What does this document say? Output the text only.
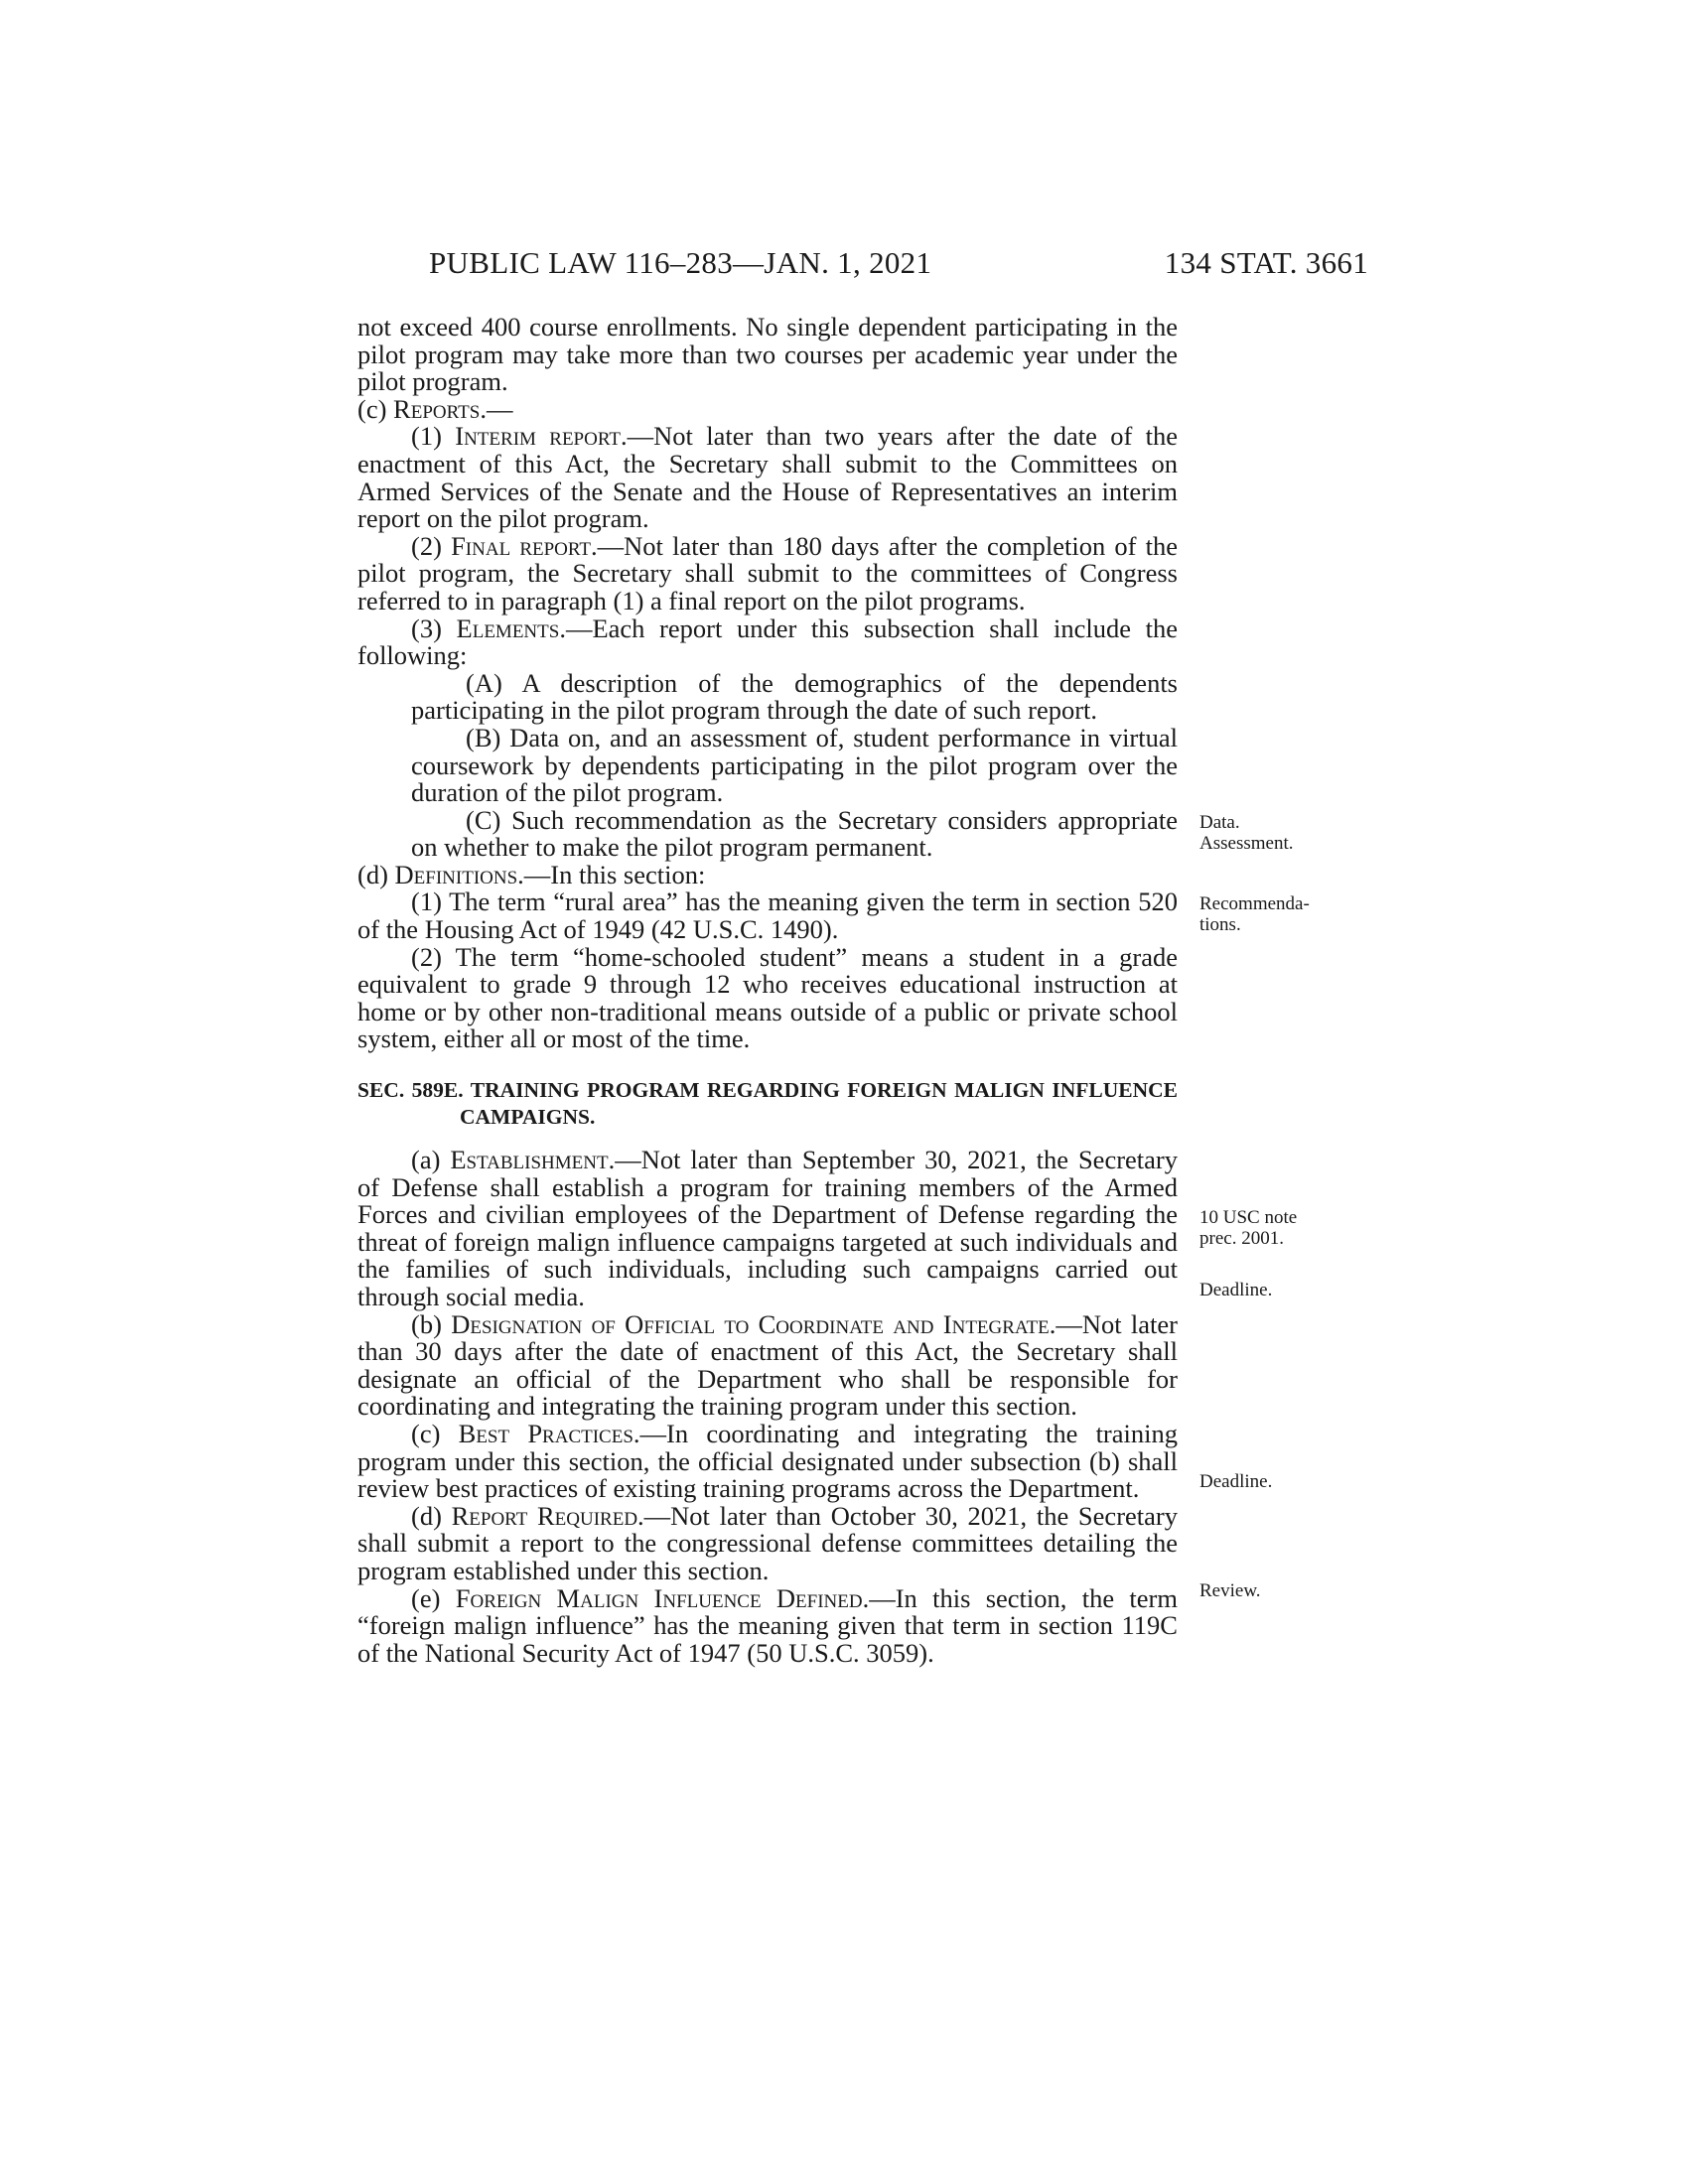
PUBLIC LAW 116–283—JAN. 1, 2021	134 STAT. 3661

not exceed 400 course enrollments. No single dependent participating in the pilot program may take more than two courses per academic year under the pilot program.

(c) Reports.—

(1) Interim report.—Not later than two years after the date of the enactment of this Act, the Secretary shall submit to the Committees on Armed Services of the Senate and the House of Representatives an interim report on the pilot program.

(2) Final report.—Not later than 180 days after the completion of the pilot program, the Secretary shall submit to the committees of Congress referred to in paragraph (1) a final report on the pilot programs.

(3) Elements.—Each report under this subsection shall include the following:

(A) A description of the demographics of the dependents participating in the pilot program through the date of such report.

(B) Data on, and an assessment of, student performance in virtual coursework by dependents participating in the pilot program over the duration of the pilot program.

(C) Such recommendation as the Secretary considers appropriate on whether to make the pilot program permanent.

(d) Definitions.—In this section:

(1) The term “rural area” has the meaning given the term in section 520 of the Housing Act of 1949 (42 U.S.C. 1490).

(2) The term “home-schooled student” means a student in a grade equivalent to grade 9 through 12 who receives educational instruction at home or by other non-traditional means outside of a public or private school system, either all or most of the time.

SEC. 589E. TRAINING PROGRAM REGARDING FOREIGN MALIGN INFLUENCE CAMPAIGNS.

(a) Establishment.—Not later than September 30, 2021, the Secretary of Defense shall establish a program for training members of the Armed Forces and civilian employees of the Department of Defense regarding the threat of foreign malign influence campaigns targeted at such individuals and the families of such individuals, including such campaigns carried out through social media.

(b) Designation of Official to Coordinate and Integrate.—Not later than 30 days after the date of enactment of this Act, the Secretary shall designate an official of the Department who shall be responsible for coordinating and integrating the training program under this section.

(c) Best Practices.—In coordinating and integrating the training program under this section, the official designated under subsection (b) shall review best practices of existing training programs across the Department.

(d) Report Required.—Not later than October 30, 2021, the Secretary shall submit a report to the congressional defense committees detailing the program established under this section.

(e) Foreign Malign Influence Defined.—In this section, the term “foreign malign influence” has the meaning given that term in section 119C of the National Security Act of 1947 (50 U.S.C. 3059).

Data.
Assessment.
Recommenda-
tions.
10 USC note
prec. 2001.
Deadline.
Deadline.
Review.
